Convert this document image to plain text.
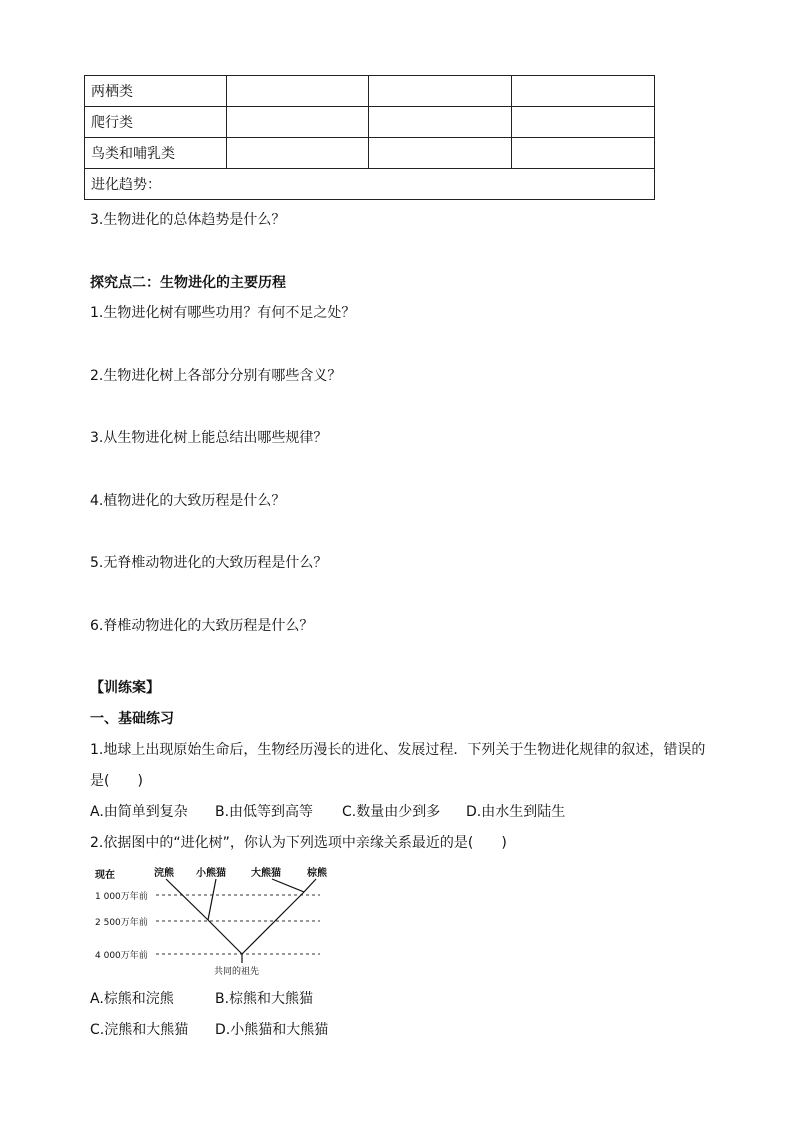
两栖类			
爬行类			
鸟类和哺乳类			
进化趋势：			
3.生物进化的总体趋势是什么？
探究点二：生物进化的主要历程
1.生物进化树有哪些功用？有何不足之处？
2.生物进化树上各部分分别有哪些含义？
3.从生物进化树上能总结出哪些规律？
4.植物进化的大致历程是什么？
5.无脊椎动物进化的大致历程是什么？
6.脊椎动物进化的大致历程是什么？
【训练案】
一、基础练习
1.地球上出现原始生命后，生物经历漫长的进化、发展过程．下列关于生物进化规律的叙述，错误的
是(　　)
A.由简单到复杂 B.由低等到高等 C.数量由少到多 D.由水生到陆生
2.依据图中的“进化树”，你认为下列选项中亲缘关系最近的是(　　)
现在	浣熊 小熊猫	大熊猫	棕熊
1 000万年前
2 500万年前
4 000万年前
共同的祖先
A.棕熊和浣熊	B.棕熊和大熊猫
C.浣熊和大熊猫 D.小熊猫和大熊猫
